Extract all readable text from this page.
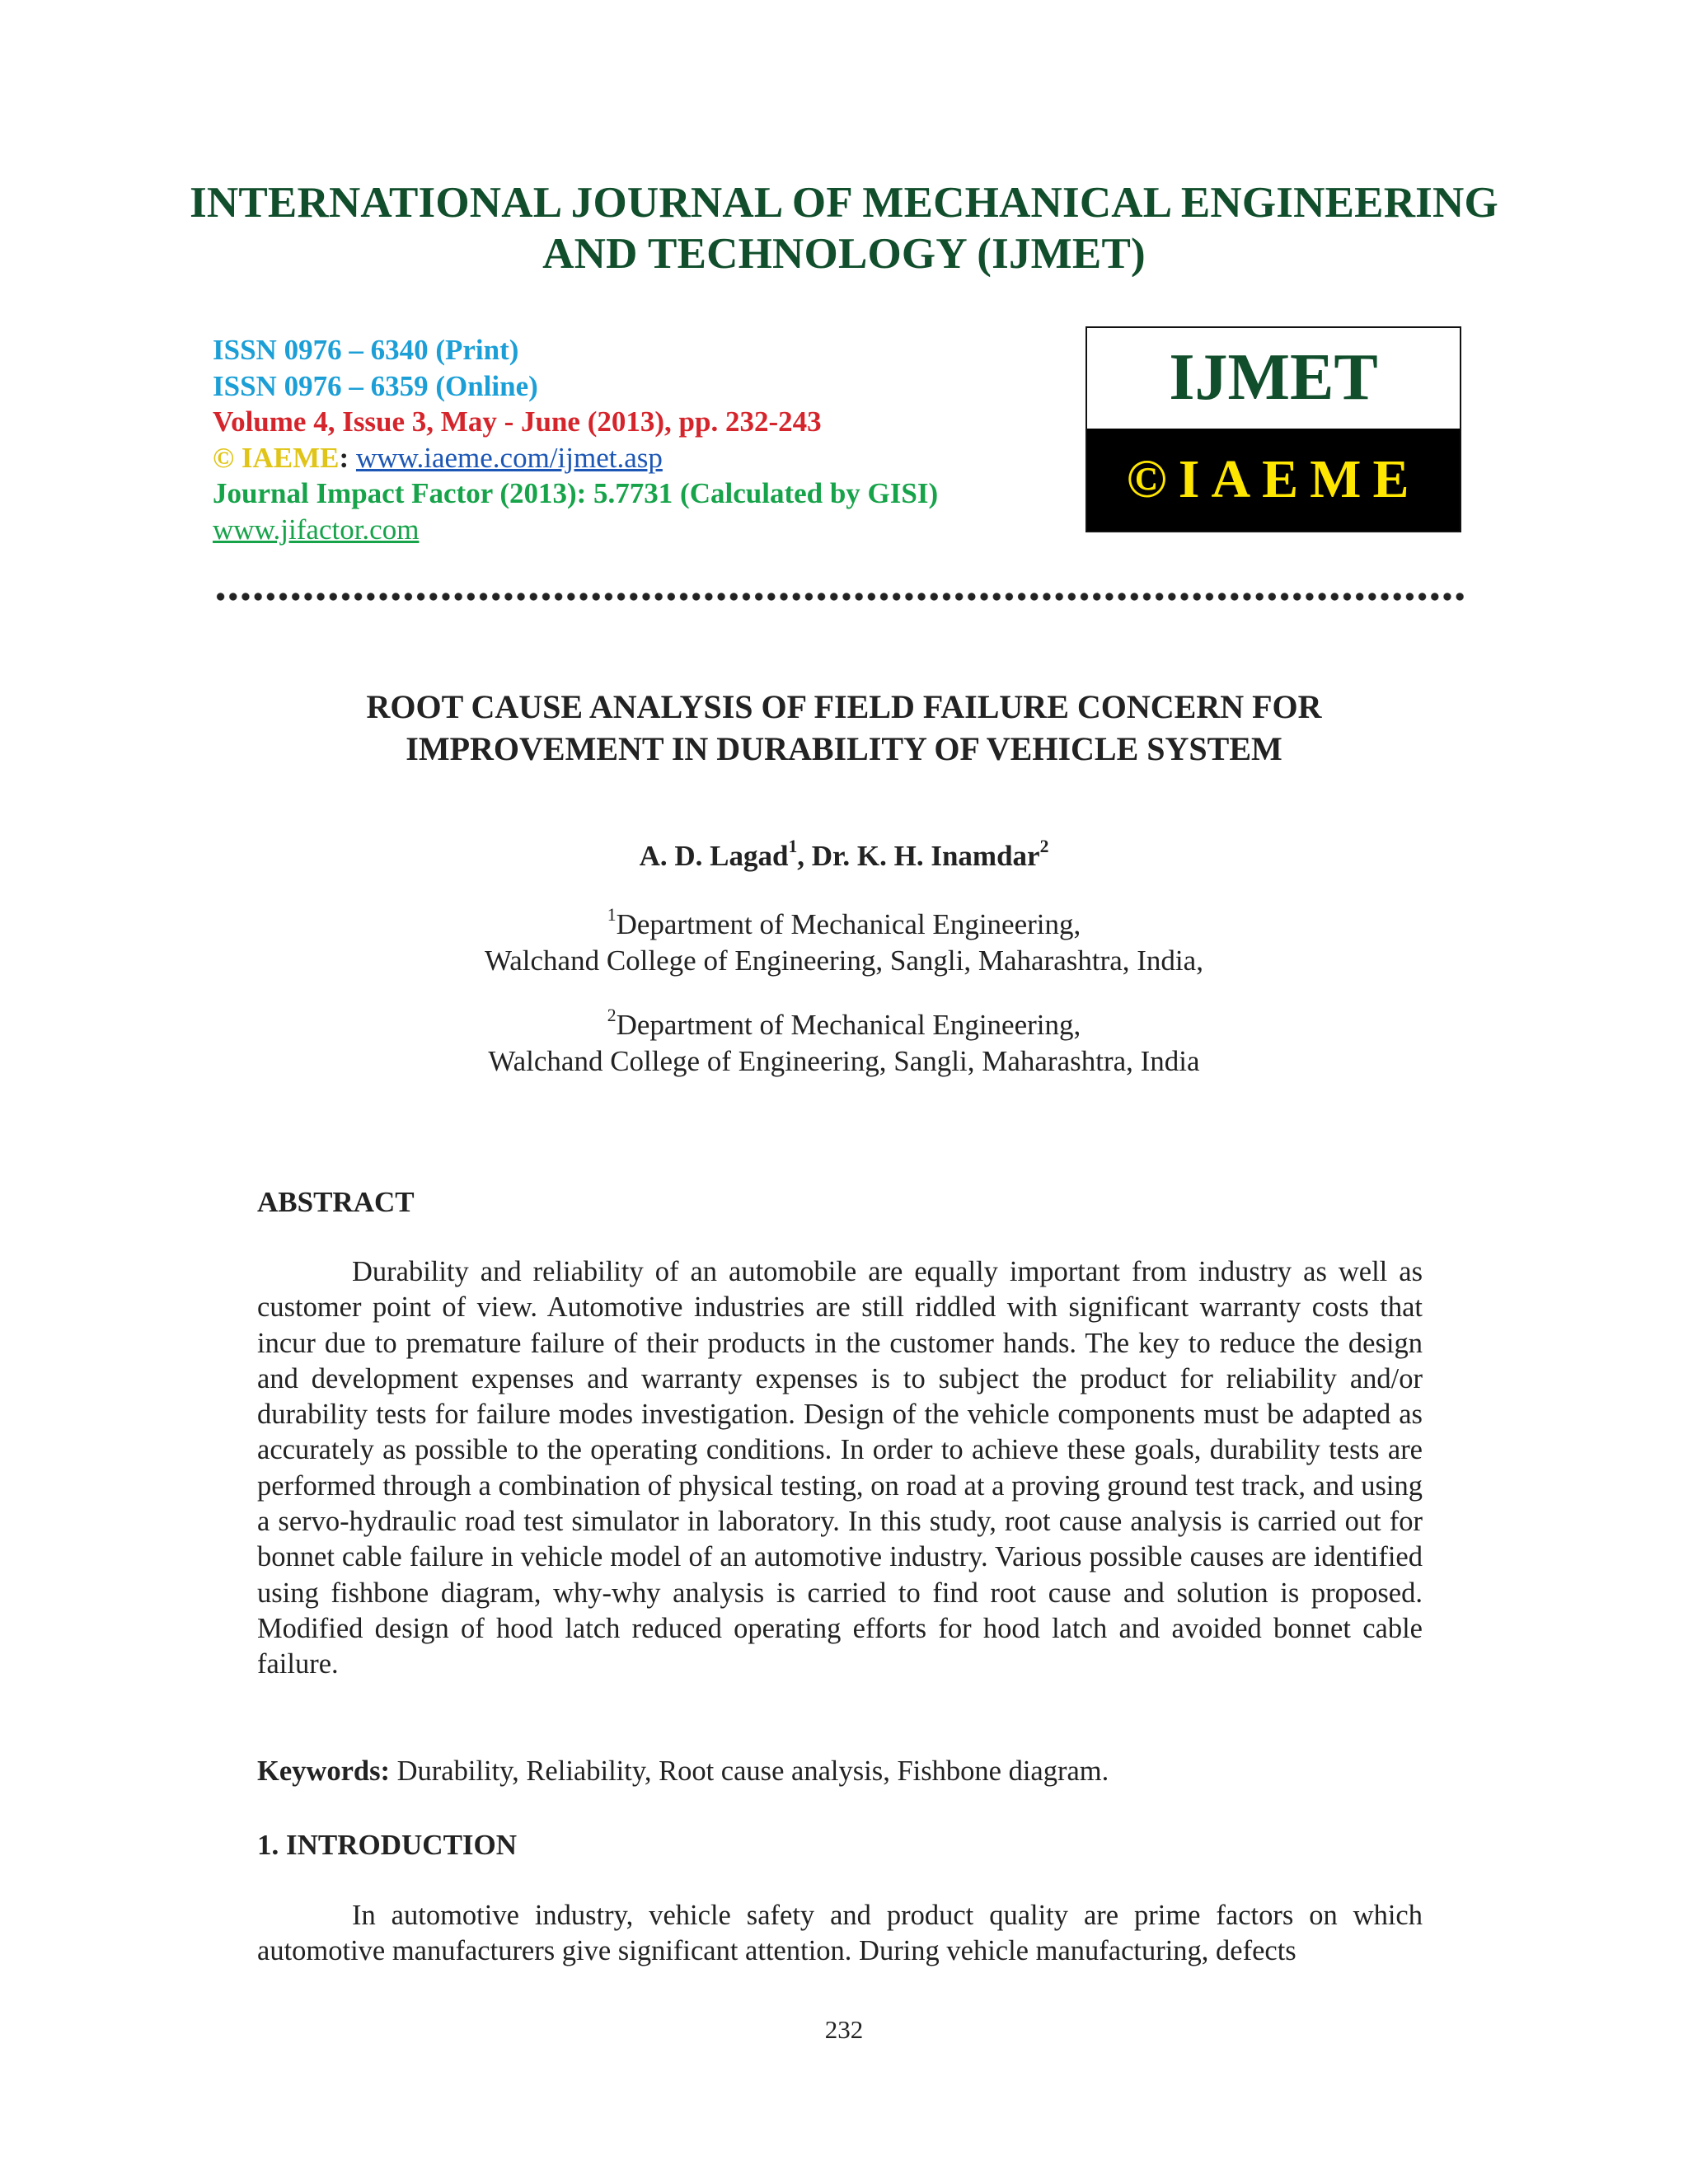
INTERNATIONAL JOURNAL OF MECHANICAL ENGINEERING
AND TECHNOLOGY (IJMET)
ISSN 0976 – 6340 (Print)
ISSN 0976 – 6359 (Online)
Volume 4, Issue 3, May - June (2013), pp. 232-243
© IAEME: www.iaeme.com/ijmet.asp
Journal Impact Factor (2013): 5.7731 (Calculated by GISI)
www.jifactor.com
IJMET
©IAEME
ROOT CAUSE ANALYSIS OF FIELD FAILURE CONCERN FOR
IMPROVEMENT IN DURABILITY OF VEHICLE SYSTEM
A. D. Lagad$^1$, Dr. K. H. Inamdar$^2$
$^1$Department of Mechanical Engineering,
Walchand College of Engineering, Sangli, Maharashtra, India,
$^2$Department of Mechanical Engineering,
Walchand College of Engineering, Sangli, Maharashtra, India
ABSTRACT
Durability and reliability of an automobile are equally important from industry as well as customer point of view. Automotive industries are still riddled with significant warranty costs that incur due to premature failure of their products in the customer hands. The key to reduce the design and development expenses and warranty expenses is to subject the product for reliability and/or durability tests for failure modes investigation. Design of the vehicle components must be adapted as accurately as possible to the operating conditions. In order to achieve these goals, durability tests are performed through a combination of physical testing, on road at a proving ground test track, and using a servo-hydraulic road test simulator in laboratory. In this study, root cause analysis is carried out for bonnet cable failure in vehicle model of an automotive industry. Various possible causes are identified using fishbone diagram, why-why analysis is carried to find root cause and solution is proposed. Modified design of hood latch reduced operating efforts for hood latch and avoided bonnet cable failure.
Keywords: Durability, Reliability, Root cause analysis, Fishbone diagram.
1. INTRODUCTION
In automotive industry, vehicle safety and product quality are prime factors on which automotive manufacturers give significant attention. During vehicle manufacturing, defects
232
